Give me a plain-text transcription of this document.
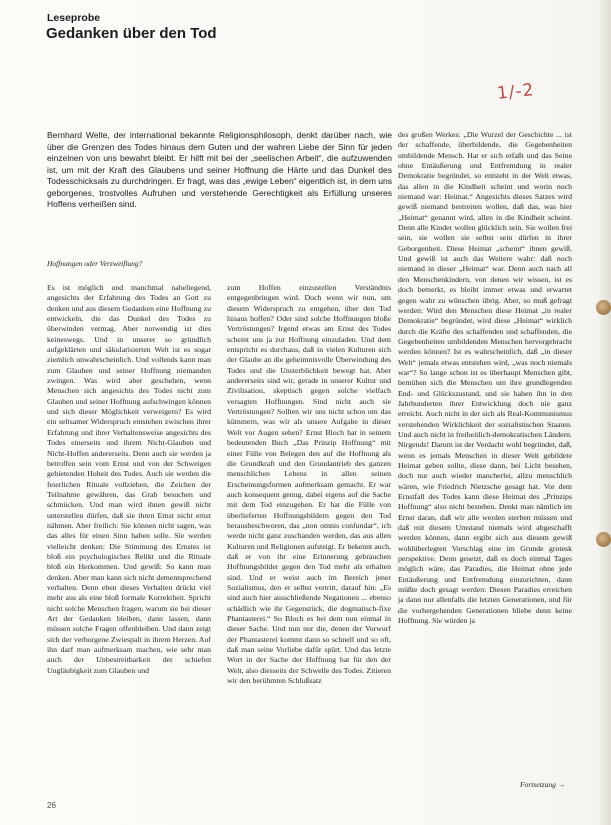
Leseprobe
Gedanken über den Tod
1/-2

Bernhard Welte, der international bekannte Religionsphilosoph, denkt darüber nach, wie über die Grenzen des Todes hinaus dem Guten und der wahren Liebe der Sinn für jeden einzelnen von uns bewahrt bleibt. Er hilft mit bei der „seelischen Arbeit“, die aufzuwenden ist, um mit der Kraft des Glaubens und seiner Hoffnung die Härte und das Dunkel des Todesschicksals zu durchdringen. Er fragt, was das „ewige Leben“ eigentlich ist, in dem uns geborgenes, trostvolles Aufruhen und verstehende Gerechtigkeit als Erfüllung unseres Hoffens verheißen sind.

Hoffnungen oder Verzweiflung?

Es ist möglich und manchmal naheliegend, angesichts der Erfahrung des Todes an Gott zu denken und aus diesem Gedanken eine Hoffnung zu entwickeln, die das Dunkel des Todes zu überwinden vermag. Aber notwendig ist dies keineswegs. Und in unserer so gründlich aufgeklärten und säkularisierten Welt ist es sogar ziemlich unwahrscheinlich. Und vollends kann man zum Glauben und seiner Hoffnung niemanden zwingen. Was wird aber geschehen, wenn Menschen sich angesichts des Todes nicht zum Glauben und seiner Hoffnung aufschwingen können und sich dieser Möglichkeit verweigern? Es wird ein seltsamer Widerspruch entstehen zwischen ihrer Erfahrung und ihrer Verhaltensweise angesichts des Todes einerseits und ihrem Nicht-Glauben und Nicht-Hoffen andererseits. Denn auch sie werden ja betroffen sein vom Ernst und von der Schweigen gebietenden Hoheit des Todes. Auch sie werden die feierlichen Rituale vollziehen, die Zeichen der Teilnahme gewähren, das Grab besuchen und schmücken. Und man wird ihnen gewiß nicht unterstellen dürfen, daß sie ihren Ernst nicht ernst nähmen. Aber freilich: Sie können nicht sagen, was das alles für einen Sinn haben solle. Sie werden vielleicht denken: Die Stimmung des Ernstes ist bloß ein psychologisches Relikt und die Rituale bloß ein Herkommen. Und gewiß: So kann man denken. Aber man kann sich nicht dementsprechend verhalten. Denn eben dieses Verhalten drückt viel mehr aus als eine bloß formale Korrektheit. Spricht nicht solche Menschen fragen, warum sie bei dieser Art der Gedanken bleiben, dann lassen, dann müssen solche Fragen offenbleiben. Und dann zeigt sich der verborgene Zwiespalt in ihrem Herzen. Auf ihn darf man aufmerksam machen, wie sehr man auch der Unbestreitbarkeit der schiefen Ungläubigkeit zum Glauben und

zum Hoffen einzustellen Verständnis entgegenbringen wird. Doch wenn wir nun, um diesem Widerspruch zu entgehen, über den Tod hinaus hoffen? Oder sind solche Hoffnungen bloße Vertröstungen? Irgend etwas am Ernst des Todes scheint uns ja zur Hoffnung einzuladen. Und dem entspricht es durchaus, daß in vielen Kulturen sich der Glaube an die geheimnisvolle Überwindung des Todes und die Unsterblichkeit bewegt hat. Aber andererseits sind wir, gerade in unserer Kultur und Zivilisation, skeptisch gegen solche vielfach versagten Hoffnungen. Sind nicht auch sie Vertröstungen? Sollten wir uns nicht schon um das kümmern, was wir als unsere Aufgabe in dieser Welt vor Augen sehen? Ernst Bloch hat in seinem bedeutenden Buch „Das Prinzip Hoffnung“ mit einer Fülle von Belegen den auf die Hoffnung als die Grundkraft und den Grundantrieb des ganzen menschlichen Lebens in allen seinen Erscheinungsformen aufmerksam gemacht. Er war auch konsequent genug, dabei eigens auf die Sache mit dem Tod einzugehen. Er hat die Fülle von überlieferten Hoffnungsbildern gegen den Tod herausbeschworen, das „non omnis confundar“, ich werde nicht ganz zuschanden werden, das aus allen Kulturen und Religionen aufsteigt. Er bekennt auch, daß er von ihr eine Erinnerung gebrauchen Hoffnungsbilder gegen den Tod mehr als erhalten sind. Und er weist auch im Bereich jener Sozialismus, den er selbst vertritt, darauf hin: „Es sind auch hier ausschließende Negationen ... ebenso schädlich wie ihr Gegenstück, die dogmatisch-fixe Phantasterei.“ So Bloch es bei dem nun einmal in dieser Sache. Und nun nur die, denen der Vorwurf der Phantasterei kommt dann so schnell und so oft, daß man seine Vorliebe dafür spürt. Und das letzte Wort in der Sache der Hoffnung hat für den der Welt, also diesseits der Schwelle des Todes. Zitieren wir den berühmten Schlußsatz

des großen Werkes: „Die Wurzel der Geschichte ... ist der schaffende, überbildende, die Gegebenheiten umbildende Mensch. Hat er sich erfaßt und das Seine ohne Entäußerung und Entfremdung in realer Demokratie begründet, so entsteht in der Welt etwas, das allen in die Kindheit scheint und worin noch niemand war: Heimat.“ Angesichts dieses Satzes wird gewiß niemand bestreiten wollen, daß das, was hier „Heimat“ genannt wird, allen in die Kindheit scheint. Denn alle Kinder wollen glücklich sein. Sie wollen frei sein, sie wollen sie selbst sein dürfen in ihrer Geborgenheit. Diese Heimat „scheint“ ihnen gewiß. Und gewiß ist auch das Weitere wahr: daß noch niemand in dieser „Heimat“ war. Denn auch nach all den Menschenkindern, von denen wir wissen, ist es doch bemerkt, es bleibt immer etwas und erwartet gegen wahr zu wünschen übrig. Aber, so muß gefragt werden: Wird den Menschen diese Heimat „in realer Demokratie“ begründet, wird diese „Heimat“ wirklich durch die Kräfte des schaffenden und schaffenden, die Gegebenheiten umbildenden Menschen hervorgebracht werden können? Ist es wahrscheinlich, daß „in dieser Welt“ jemals etwas entstehen wird, „was noch niemals war“? So lange schon ist es überhaupt Menschen gibt, bemühen sich die Menschen um ihre grundlegenden End- und Glückszustand, und sie haben ihn in den Jahrhunderten ihrer Entwicklung doch nie ganz erreicht. Auch nicht in der sich als Real-Kommunismus verstehenden Wirklichkeit der sozialistischen Staaten. Und auch nicht in freiheitlich-demokratischen Ländern. Nirgends! Darum ist der Verdacht wohl begründet, daß, wenn es jemals Menschen in dieser Welt gebildete Heimat geben sollte, diese dann, bei Licht besehen, doch nur auch wieder mancherlei, allzu menschlich wären, wie Friedrich Nietzsche gesagt hat. Vor dem Ernstfall des Todes kann diese Heimat des „Prinzips Hoffnung“ also nicht bestehen. Denkt man nämlich im Ernst daran, daß wir alle werden sterben müssen und daß mit diesem Umstand niemals wird abgeschafft werden können, dann ergibt sich aus diesem gewiß wohlüberlegten Vorschlag eine im Grunde grotesk perspektive. Denn gesetzt, daß es doch einmal Tages möglich wäre, das Paradies, die Heimat ohne jede Entäußerung und Entfremdung einzurichten, dann müßte doch gesagt werden: Diesen Paradies erreichen ja dann nur allenfalls die letzten Generationen, und für die vorhergehenden Generationen bliebe denn keine Hoffnung. Sie würden ja

Fortsetzung →
26
